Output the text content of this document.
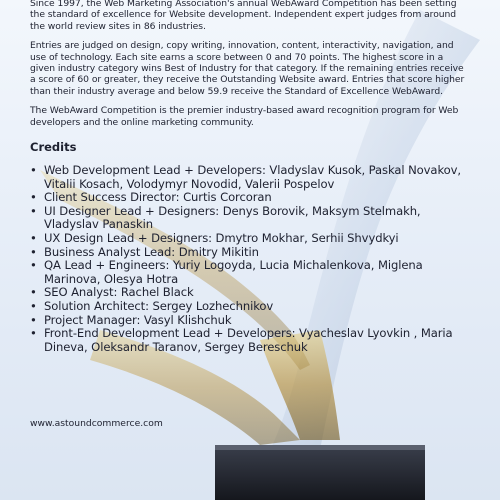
Since 1997, the Web Marketing Association's annual WebAward Competition has been setting the standard of excellence for Website development. Independent expert judges from around the world review sites in 86 industries.

Entries are judged on design, copy writing, innovation, content, interactivity, navigation, and use of technology. Each site earns a score between 0 and 70 points. The highest score in a given industry category wins Best of Industry for that category. If the remaining entries receive a score of 60 or greater, they receive the Outstanding Website award. Entries that score higher than their industry average and below 59.9 receive the Standard of Excellence WebAward.

The WebAward Competition is the premier industry-based award recognition program for Web developers and the online marketing community.

Credits
• Web Development Lead + Developers: Vladyslav Kusok, Paskal Novakov, Vitalii Kosach, Volodymyr Novodid, Valerii Pospelov
• Client Success Director: Curtis Corcoran
• UI Designer Lead + Designers: Denys Borovik, Maksym Stelmakh, Vladyslav Panaskin
• UX Design Lead + Designers: Dmytro Mokhar, Serhii Shvydkyi
• Business Analyst Lead: Dmitry Mikitin
• QA Lead + Engineers: Yuriy Logoyda, Lucia Michalenkova, Miglena Marinova, Olesya Hotra
• SEO Analyst: Rachel Black
• Solution Architect: Sergey Lozhechnikov
• Project Manager: Vasyl Klishchuk
• Front-End Development Lead + Developers: Vyacheslav Lyovkin , Maria Dineva, Oleksandr Taranov, Sergey Bereschuk
www.astoundcommerce.com
